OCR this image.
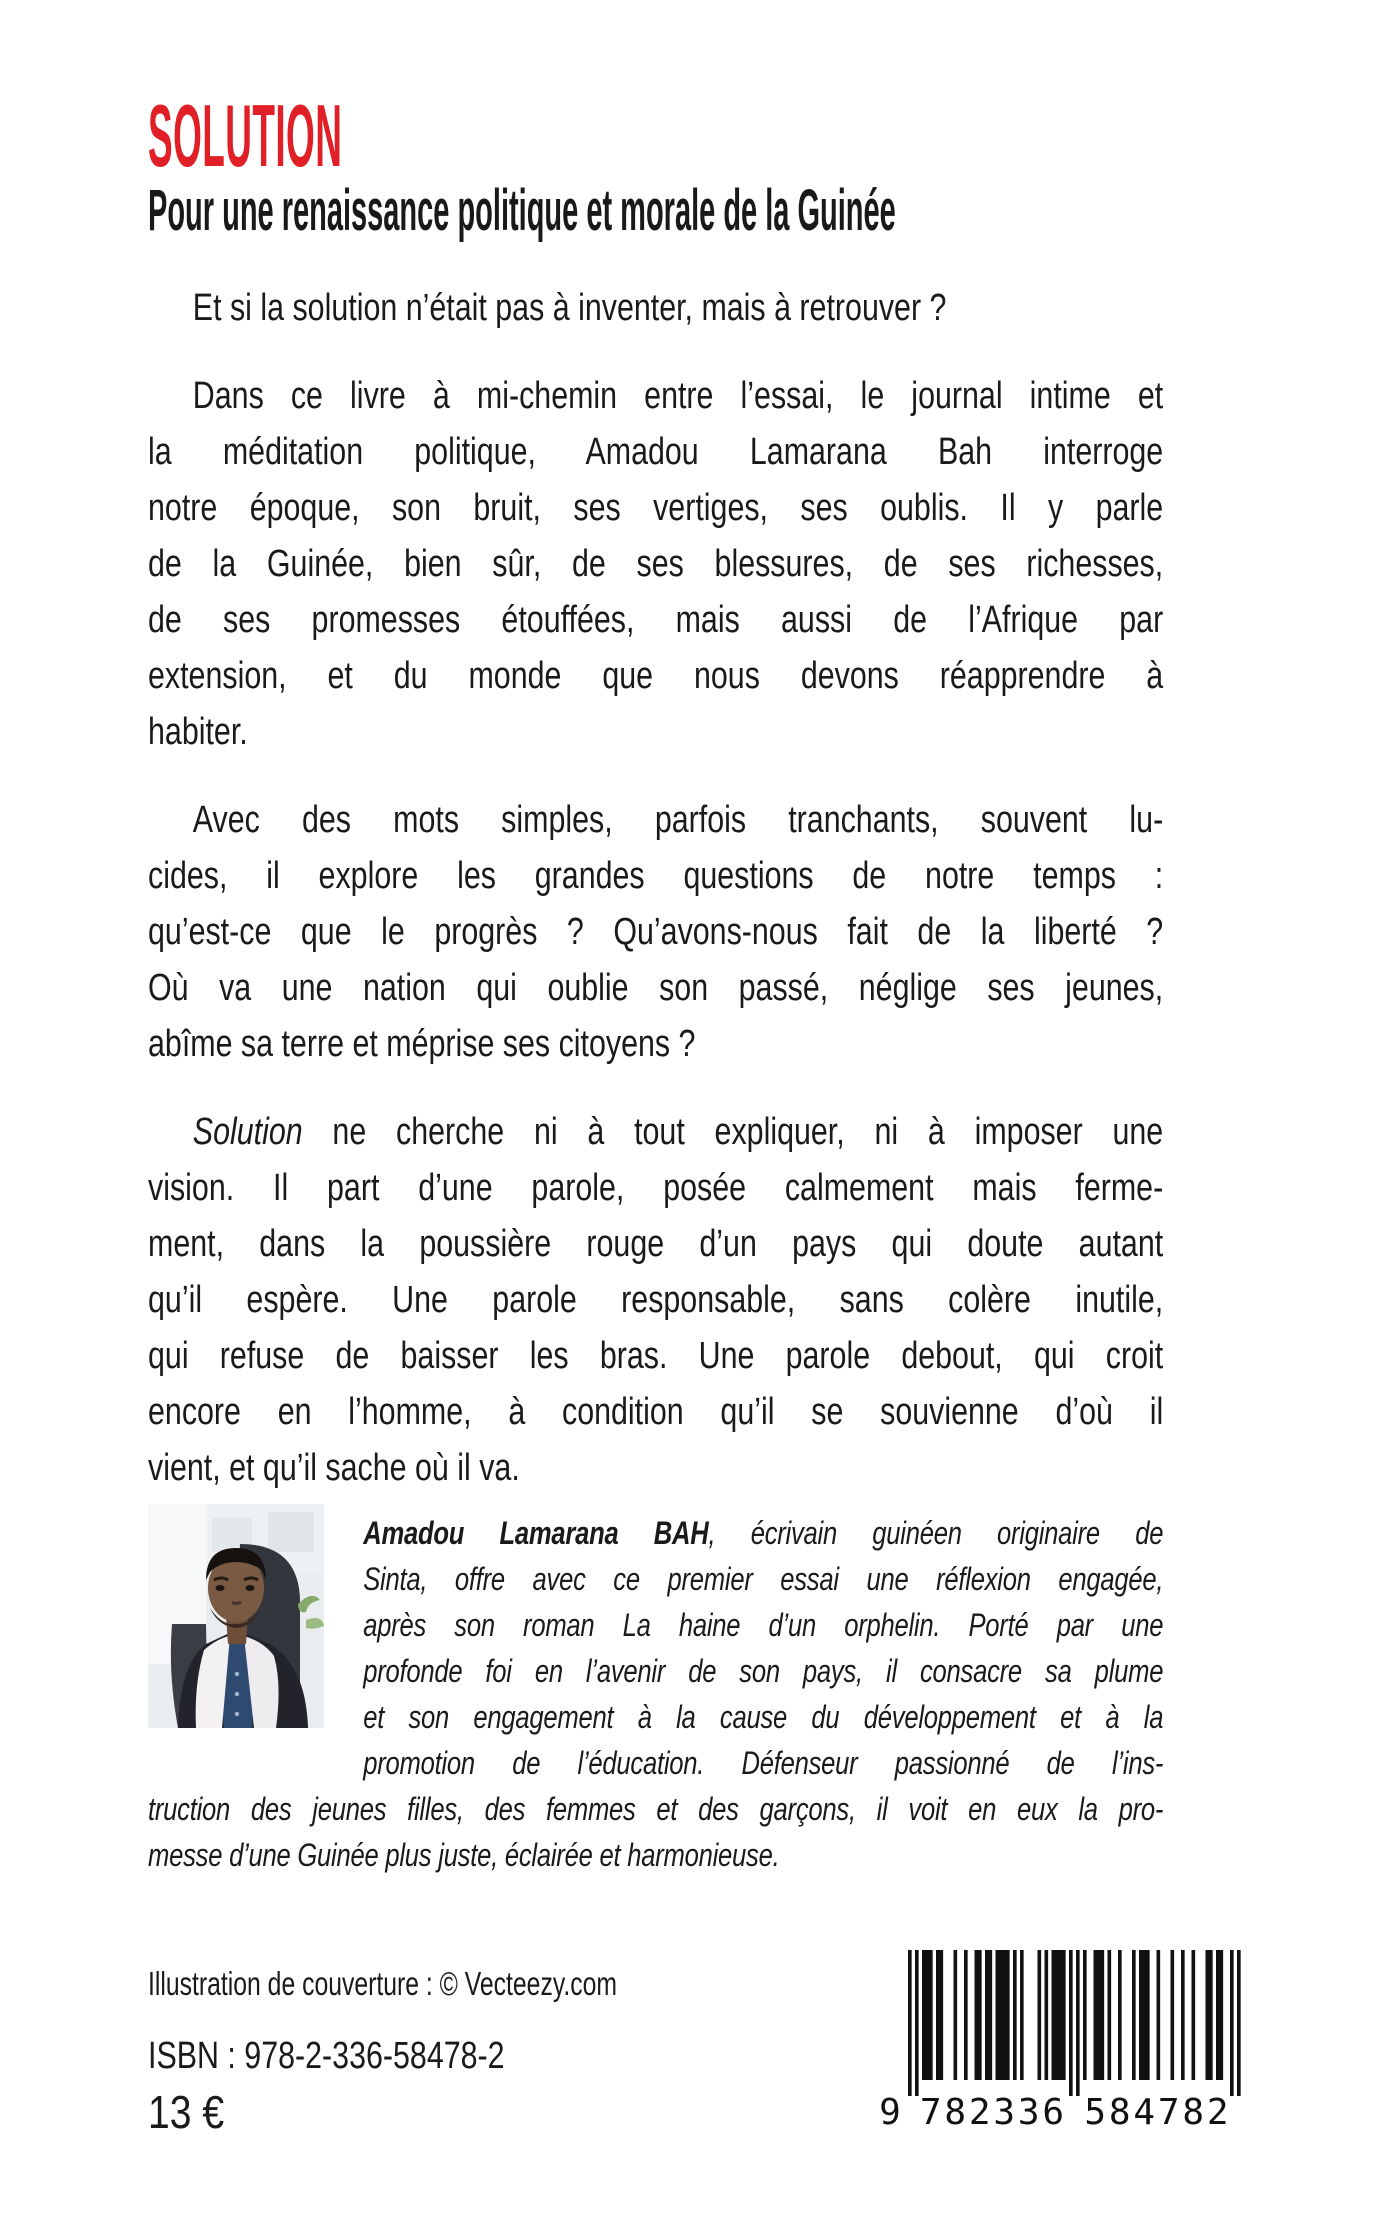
SOLUTION
Pour une renaissance politique et morale de la Guinée
Et si la solution n’était pas à inventer, mais à retrouver ?
Dans ce livre à mi-chemin entre l’essai, le journal intime et
la méditation politique, Amadou Lamarana Bah interroge
notre époque, son bruit, ses vertiges, ses oublis. Il y parle
de la Guinée, bien sûr, de ses blessures, de ses richesses,
de ses promesses étouffées, mais aussi de l’Afrique par
extension, et du monde que nous devons réapprendre à
habiter.
Avec des mots simples, parfois tranchants, souvent lu-
cides, il explore les grandes questions de notre temps :
qu’est-ce que le progrès ? Qu’avons-nous fait de la liberté ?
Où va une nation qui oublie son passé, néglige ses jeunes,
abîme sa terre et méprise ses citoyens ?
Solution ne cherche ni à tout expliquer, ni à imposer une
vision. Il part d’une parole, posée calmement mais ferme-
ment, dans la poussière rouge d’un pays qui doute autant
qu’il espère. Une parole responsable, sans colère inutile,
qui refuse de baisser les bras. Une parole debout, qui croit
encore en l’homme, à condition qu’il se souvienne d’où il
vient, et qu’il sache où il va.
Amadou Lamarana BAH, écrivain guinéen originaire de
Sinta, offre avec ce premier essai une réflexion engagée,
après son roman La haine d’un orphelin. Porté par une
profonde foi en l’avenir de son pays, il consacre sa plume
et son engagement à la cause du développement et à la
promotion de l’éducation. Défenseur passionné de l’ins-
truction des jeunes filles, des femmes et des garçons, il voit en eux la pro-
messe d’une Guinée plus juste, éclairée et harmonieuse.
Illustration de couverture : © Vecteezy.com
ISBN : 978-2-336-58478-2
13 €	9 7 8 2 3 3 6 5 8 4 7 8 2
